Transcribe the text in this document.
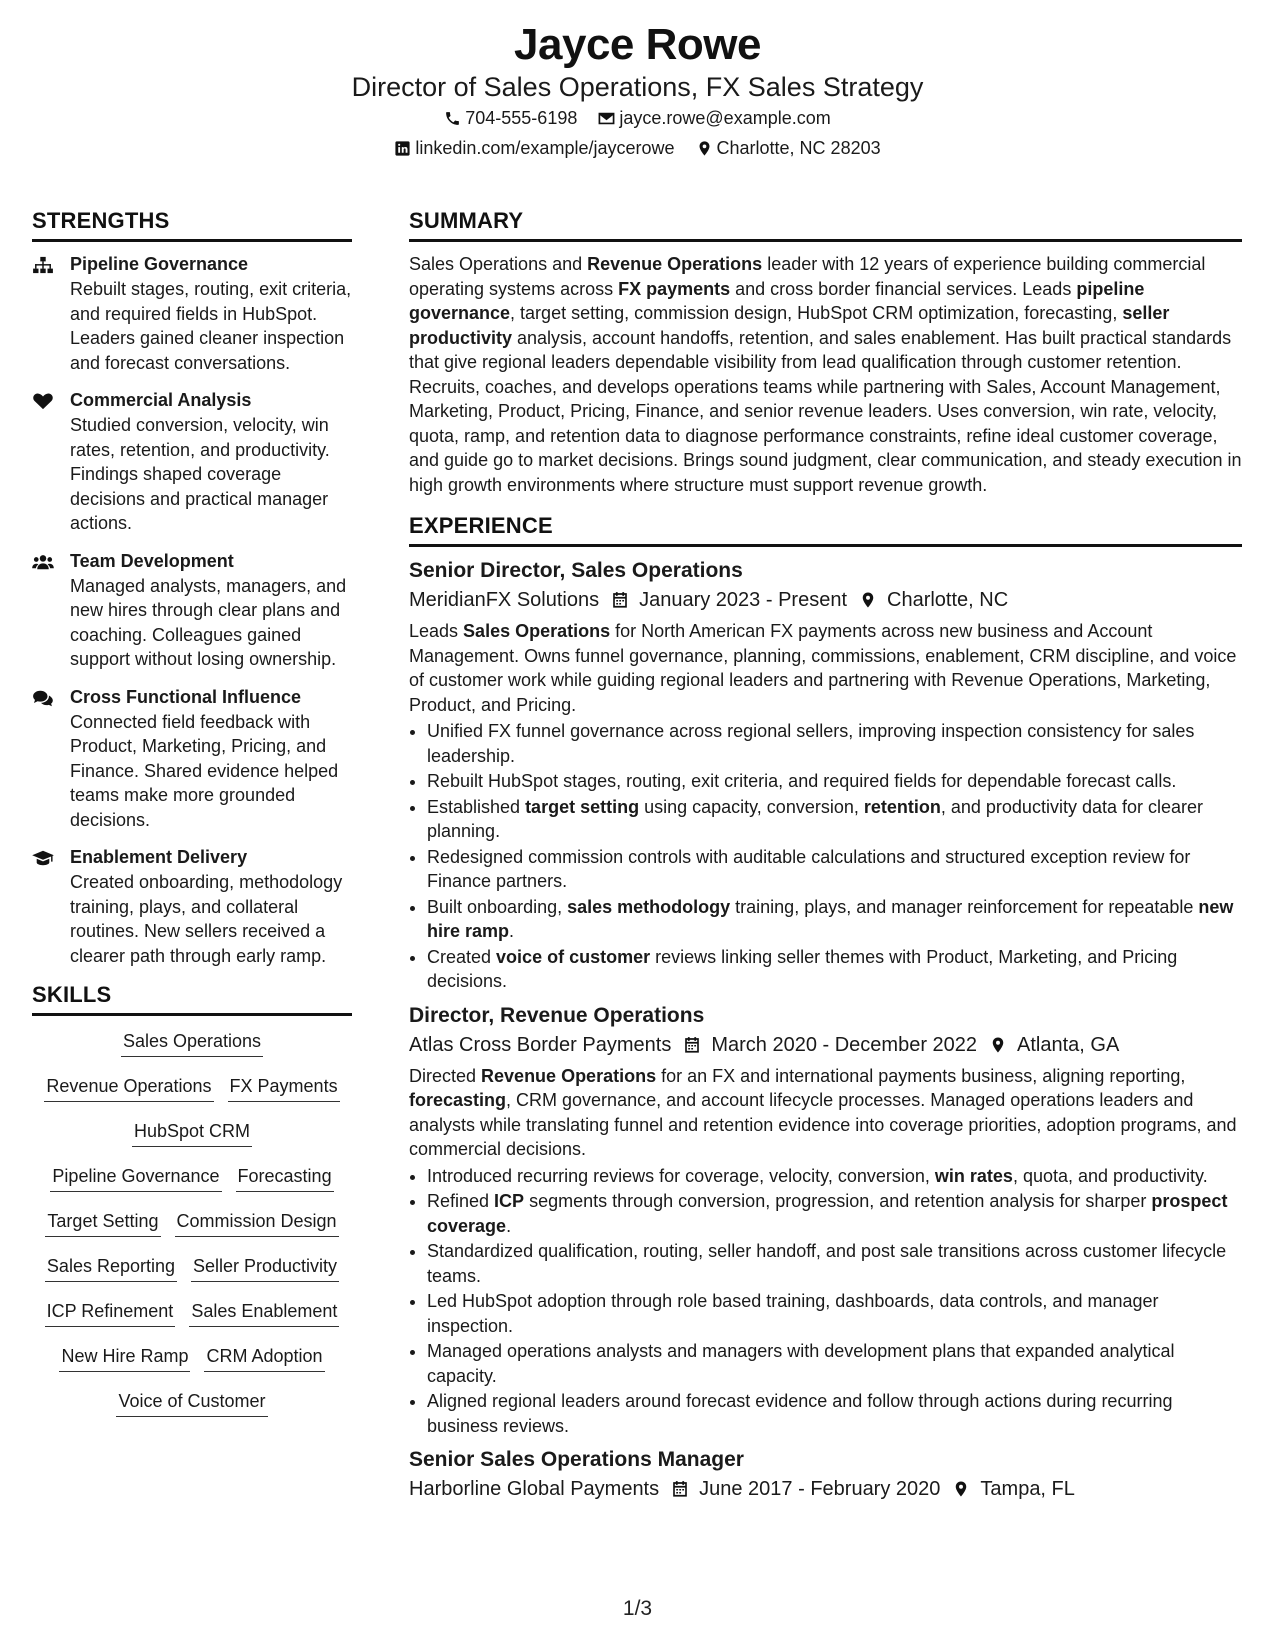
Jayce Rowe
Director of Sales Operations, FX Sales Strategy
704-555-6198
jayce.rowe@example.com
linkedin.com/example/jaycerowe
Charlotte, NC 28203
STRENGTHS
Pipeline Governance
Rebuilt stages, routing, exit criteria, and required fields in HubSpot. Leaders gained cleaner inspection and forecast conversations.
Commercial Analysis
Studied conversion, velocity, win rates, retention, and productivity. Findings shaped coverage decisions and practical manager actions.
Team Development
Managed analysts, managers, and new hires through clear plans and coaching. Colleagues gained support without losing ownership.
Cross Functional Influence
Connected field feedback with Product, Marketing, Pricing, and Finance. Shared evidence helped teams make more grounded decisions.
Enablement Delivery
Created onboarding, methodology training, plays, and collateral routines. New sellers received a clearer path through early ramp.
SKILLS
Sales Operations
Revenue Operations FX Payments
HubSpot CRM
Pipeline Governance Forecasting
Target Setting Commission Design
Sales Reporting Seller Productivity
ICP Refinement Sales Enablement
New Hire Ramp CRM Adoption
Voice of Customer
SUMMARY

Sales Operations and Revenue Operations leader with 12 years of experience building commercial operating systems across FX payments and cross border financial services. Leads pipeline governance, target setting, commission design, HubSpot CRM optimization, forecasting, seller productivity analysis, account handoffs, retention, and sales enablement. Has built practical standards that give regional leaders dependable visibility from lead qualification through customer retention. Recruits, coaches, and develops operations teams while partnering with Sales, Account Management, Marketing, Product, Pricing, Finance, and senior revenue leaders. Uses conversion, win rate, velocity, quota, ramp, and retention data to diagnose performance constraints, refine ideal customer coverage, and guide go to market decisions. Brings sound judgment, clear communication, and steady execution in high growth environments where structure must support revenue growth.

EXPERIENCE
Senior Director, Sales Operations
MeridianFX Solutions January 2023 - Present Charlotte, NC

Leads Sales Operations for North American FX payments across new business and Account Management. Owns funnel governance, planning, commissions, enablement, CRM discipline, and voice of customer work while guiding regional leaders and partnering with Revenue Operations, Marketing, Product, and Pricing.

• Unified FX funnel governance across regional sellers, improving inspection consistency for sales leadership.
• Rebuilt HubSpot stages, routing, exit criteria, and required fields for dependable forecast calls.
• Established target setting using capacity, conversion, retention, and productivity data for clearer planning.
• Redesigned commission controls with auditable calculations and structured exception review for Finance partners.
• Built onboarding, sales methodology training, plays, and manager reinforcement for repeatable new hire ramp.
• Created voice of customer reviews linking seller themes with Product, Marketing, and Pricing decisions.
Director, Revenue Operations
Atlas Cross Border Payments March 2020 - December 2022 Atlanta, GA

Directed Revenue Operations for an FX and international payments business, aligning reporting, forecasting, CRM governance, and account lifecycle processes. Managed operations leaders and analysts while translating funnel and retention evidence into coverage priorities, adoption programs, and commercial decisions.

• Introduced recurring reviews for coverage, velocity, conversion, win rates, quota, and productivity.
• Refined ICP segments through conversion, progression, and retention analysis for sharper prospect coverage.
• Standardized qualification, routing, seller handoff, and post sale transitions across customer lifecycle teams.
• Led HubSpot adoption through role based training, dashboards, data controls, and manager inspection.
• Managed operations analysts and managers with development plans that expanded analytical capacity.
• Aligned regional leaders around forecast evidence and follow through actions during recurring business reviews.
Senior Sales Operations Manager
Harborline Global Payments June 2017 - February 2020 Tampa, FL
1/3
